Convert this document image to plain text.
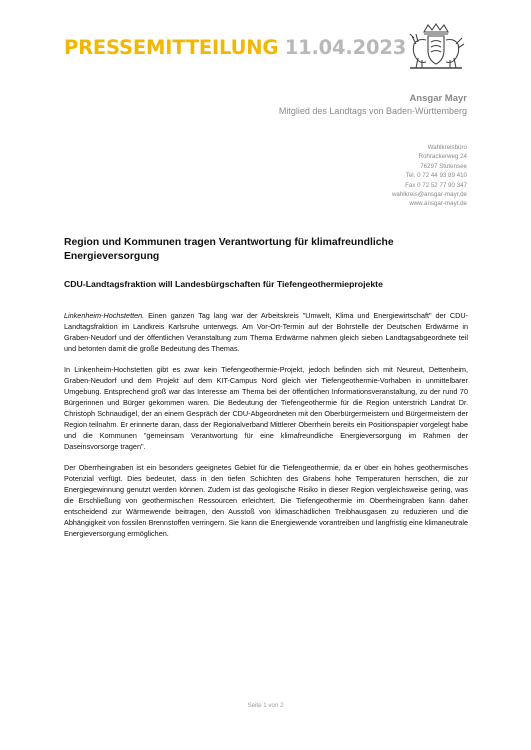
PRESSEMITTEILUNG 11.04.2023
Ansgar Mayr
Mitglied des Landtags von Baden-Württemberg
Wahlkreisbüro
Rohrackerweg 24
76297 Stutensee
Tel. 0 72 44 93 89 410
Fax 0 72 52 77 90 347
wahlkreis@ansgar-mayr.de
www.ansgar-mayr.de
Region und Kommunen tragen Verantwortung für klimafreundliche Energieversorgung
CDU-Landtagsfraktion will Landesbürgschaften für Tiefengeothermieprojekte

Linkenheim-Hochstetten. Einen ganzen Tag lang war der Arbeitskreis "Umwelt, Klima und Energiewirtschaft" der CDU-Landtagsfraktion im Landkreis Karlsruhe unterwegs. Am Vor-Ort-Termin auf der Bohrstelle der Deutschen Erdwärme in Graben-Neudorf und der öffentlichen Veranstaltung zum Thema Erdwärme nahmen gleich sieben Landtagsabgeordnete teil und betonten damit die große Bedeutung des Themas.

In Linkenheim-Hochstetten gibt es zwar kein Tiefengeothermie-Projekt, jedoch befinden sich mit Neureut, Dettenheim, Graben-Neudorf und dem Projekt auf dem KIT-Campus Nord gleich vier Tiefengeothermie-Vorhaben in unmittelbarer Umgebung. Entsprechend groß war das Interesse am Thema bei der öffentlichen Informationsveranstaltung, zu der rund 70 Bürgerinnen und Bürger gekommen waren. Die Bedeutung der Tiefengeothermie für die Region unterstrich Landrat Dr. Christoph Schnaudigel, der an einem Gespräch der CDU-Abgeordneten mit den Oberbürgermeistern und Bürgermeistern der Region teilnahm. Er erinnerte daran, dass der Regionalverband Mittlerer Oberrhein bereits ein Positionspapier vorgelegt habe und die Kommunen "gemeinsam Verantwortung für eine klimafreundliche Energieversorgung im Rahmen der Daseinsvorsorge tragen".

Der Oberrheingraben ist ein besonders geeignetes Gebiet für die Tiefengeothermie, da er über ein hohes geothermisches Potenzial verfügt. Dies bedeutet, dass in den tiefen Schichten des Grabens hohe Temperaturen herrschen, die zur Energiegewinnung genutzt werden können. Zudem ist das geologische Risiko in dieser Region vergleichsweise gering, was die Erschließung von geothermischen Ressourcen erleichtert. Die Tiefengeothermie im Oberrheingraben kann daher entscheidend zur Wärmewende beitragen, den Ausstoß von klimaschädlichen Treibhausgasen zu reduzieren und die Abhängigkeit von fossilen Brennstoffen verringern. Sie kann die Energiewende vorantreiben und langfristig eine klimaneutrale Energieversorgung ermöglichen.

Seite 1 von 2
